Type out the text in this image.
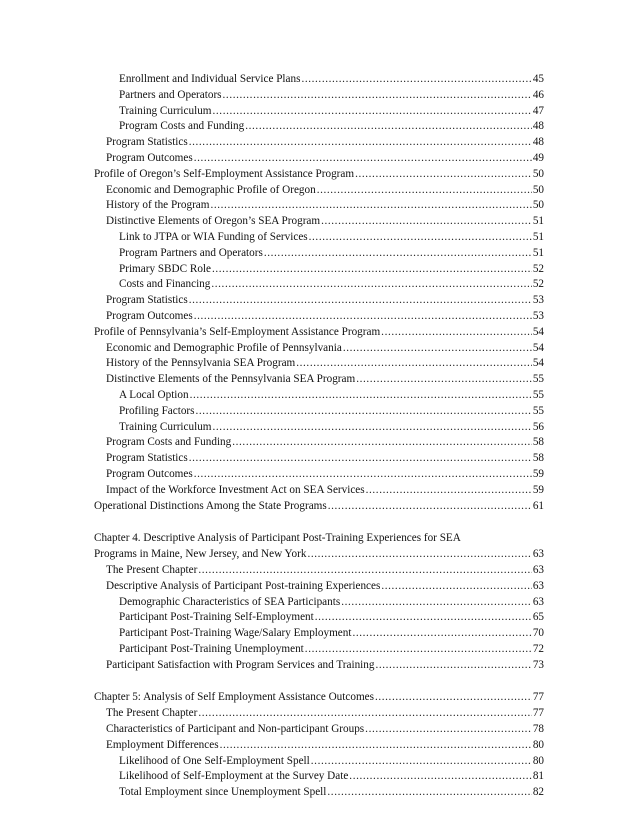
Enrollment and Individual Service Plans . . .	45
Partners and Operators . . .	46
Training Curriculum . . .	47
Program Costs and Funding . . .	48
Program Statistics . . .	48
Program Outcomes . . .	49
Profile of Oregon’s Self-Employment Assistance Program . . .	50
Economic and Demographic Profile of Oregon . . .	50
History of the Program . . .	50
Distinctive Elements of Oregon’s SEA Program . . .	51
Link to JTPA or WIA Funding of Services . . .	51
Program Partners and Operators . . .	51
Primary SBDC Role . . .	52
Costs and Financing . . .	52
Program Statistics . . .	53
Program Outcomes . . .	53
Profile of Pennsylvania’s Self-Employment Assistance Program . . .	54
Economic and Demographic Profile of Pennsylvania . . .	54
History of the Pennsylvania SEA Program . . .	54
Distinctive Elements of the Pennsylvania SEA Program . . .	55
A Local Option . . .	55
Profiling Factors . . .	55
Training Curriculum . . .	56
Program Costs and Funding . . .	58
Program Statistics . . .	58
Program Outcomes . . .	59
Impact of the Workforce Investment Act on SEA Services . . .	59
Operational Distinctions Among the State Programs . . .	61
Chapter 4. Descriptive Analysis of Participant Post-Training Experiences for SEA
Programs in Maine, New Jersey, and New York . . .	63
The Present Chapter . . .	63
Descriptive Analysis of Participant Post-training Experiences . . .	63
Demographic Characteristics of SEA Participants . . .	63
Participant Post-Training Self-Employment . . .	65
Participant Post-Training Wage/Salary Employment . . .	70
Participant Post-Training Unemployment . . .	72
Participant Satisfaction with Program Services and Training . . .	73
Chapter 5: Analysis of Self Employment Assistance Outcomes . . .	77
The Present Chapter . . .	77
Characteristics of Participant and Non-participant Groups . . .	78
Employment Differences . . .	80
Likelihood of One Self-Employment Spell . . .	80
Likelihood of Self-Employment at the Survey Date . . .	81
Total Employment since Unemployment Spell . . .	82
